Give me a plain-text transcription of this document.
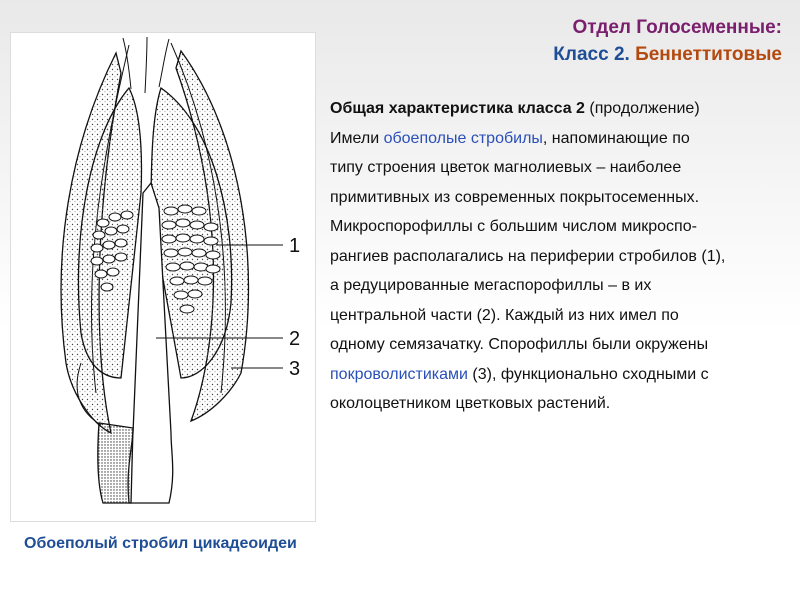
Отдел Голосеменные:
Класс 2. Беннеттитовые
1
2
3
Обоеполый стробил цикадеоидеи

Общая характеристика класса 2 (продолжение)

Имели обоеполые стробилы, напоминающие по

типу строения цветок магнолиевых – наиболее

примитивных из современных покрытосеменных.

Микроспорофиллы с большим числом микроспо-

рангиев располагались на периферии стробилов (1),

а редуцированные мегаспорофиллы – в их

центральной части (2). Каждый из них имел по

одному семязачатку. Спорофиллы были окружены

покроволистиками (3), функционально сходными с

околоцветником цветковых растений.
